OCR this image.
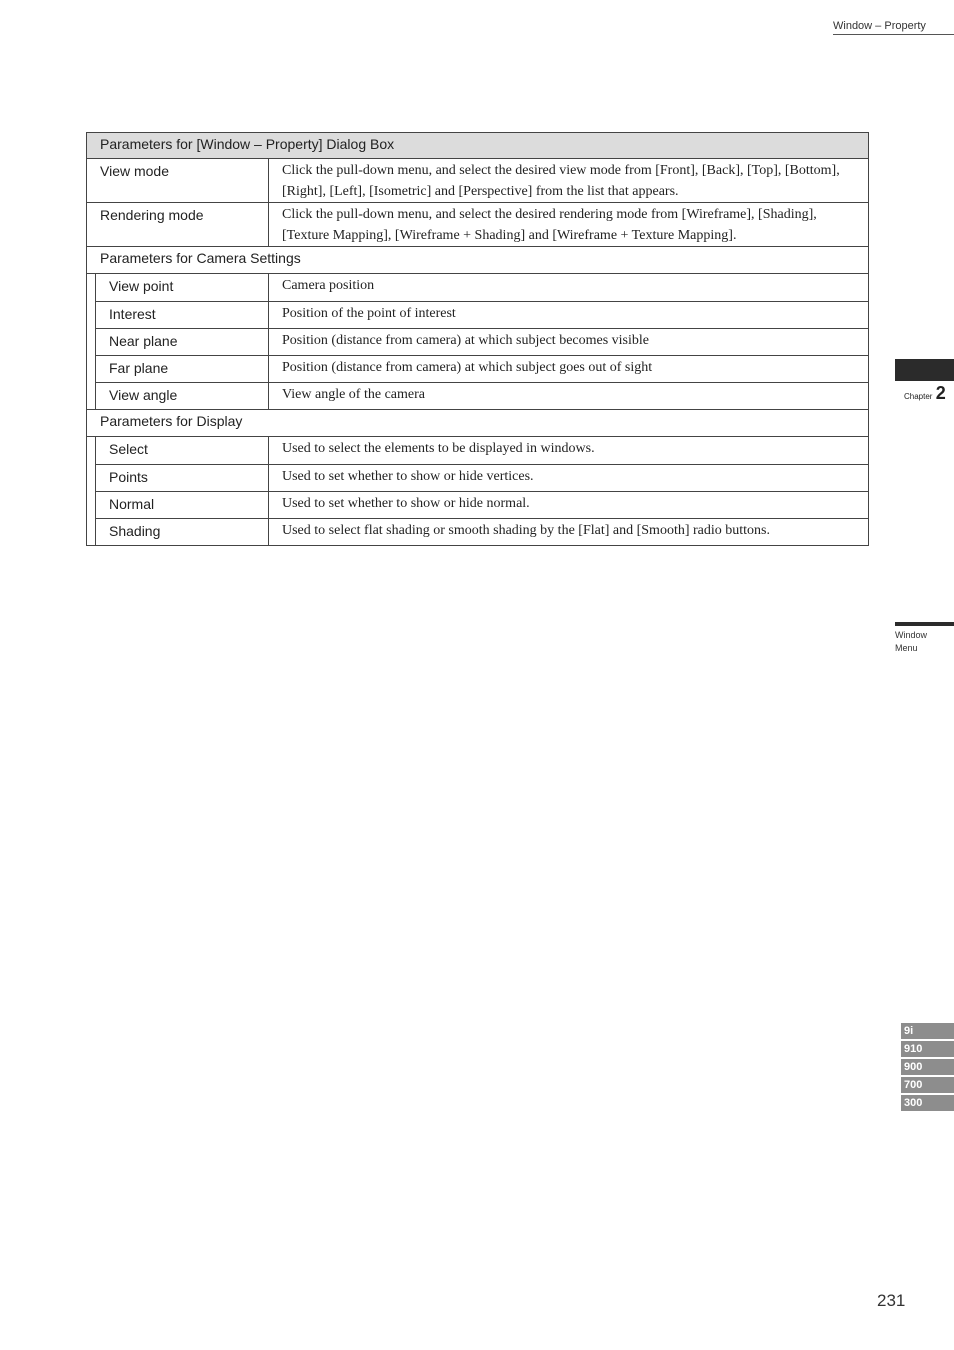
Window – Property
Parameters for [Window – Property] Dialog Box		
View mode		Click the pull-down menu, and select the desired view mode from [Front], [Back], [Top], [Bottom], [Right], [Left], [Isometric] and [Perspective] from the list that appears.
Rendering mode		Click the pull-down menu, and select the desired rendering mode from [Wireframe], [Shading], [Texture Mapping], [Wireframe + Shading] and [Wireframe + Texture Mapping].
Parameters for Camera Settings		
	View point	Camera position
	Interest	Position of the point of interest
	Near plane	Position (distance from camera) at which subject becomes visible
	Far plane	Position (distance from camera) at which subject goes out of sight
	View angle	View angle of the camera
Parameters for Display		
	Select	Used to select the elements to be displayed in windows.
	Points	Used to set whether to show or hide vertices.
	Normal	Used to set whether to show or hide normal.
	Shading	Used to select flat shading or smooth shading by the [Flat] and [Smooth] radio buttons.
Chapter 2
Window
Menu
9i
910
900
700
300
231
